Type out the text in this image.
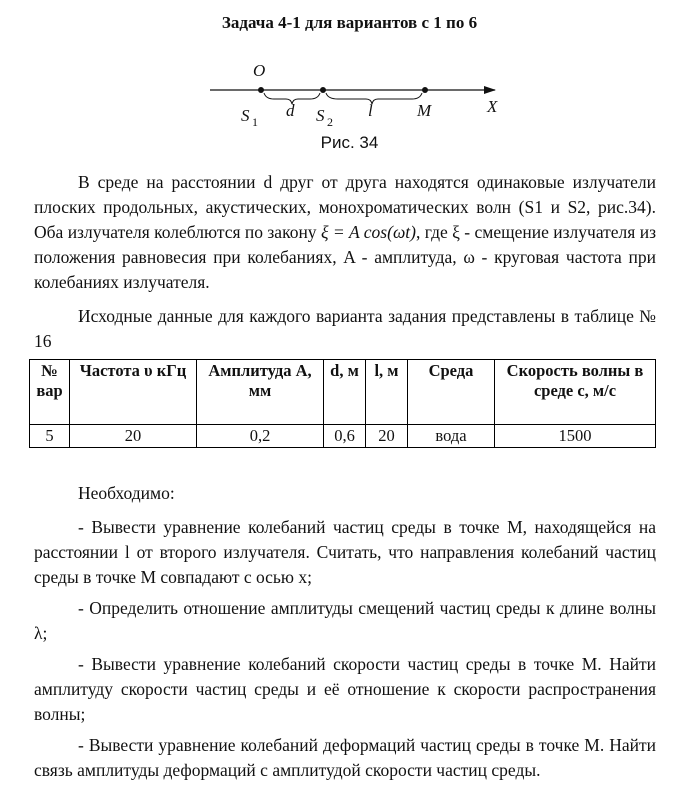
Задача 4-1 для вариантов с 1 по 6
O
S 1
d S 2
l	M	X
Рис. 34

В среде на расстоянии d друг от друга находятся одинаковые излучатели плоских продольных, акустических, монохроматических волн (S1 и S2, рис.34). Оба излучателя колеблются по закону ξ = A cos(ωt), где ξ - смещение излучателя из положения равновесия при колебаниях, A - амплитуда, ω - круговая частота при колебаниях излучателя.

Исходные данные для каждого варианта задания представлены в таблице № 16

№ вар	Частота υ кГц	Амплитуда A, мм	d, м	l, м	Среда	Скорость волны в среде c, м/с
5	20	0,2	0,6	20	вода	1500

Необходимо:

- Вывести уравнение колебаний частиц среды в точке M, находящейся на расстоянии l от второго излучателя. Считать, что направления колебаний частиц среды в точке M совпадают с осью x;

- Определить отношение амплитуды смещений частиц среды к длине волны λ;

- Вывести уравнение колебаний скорости частиц среды в точке M. Найти амплитуду скорости частиц среды и её отношение к скорости распространения волны;

- Вывести уравнение колебаний деформаций частиц среды в точке M. Найти связь амплитуды деформаций с амплитудой скорости частиц среды.
